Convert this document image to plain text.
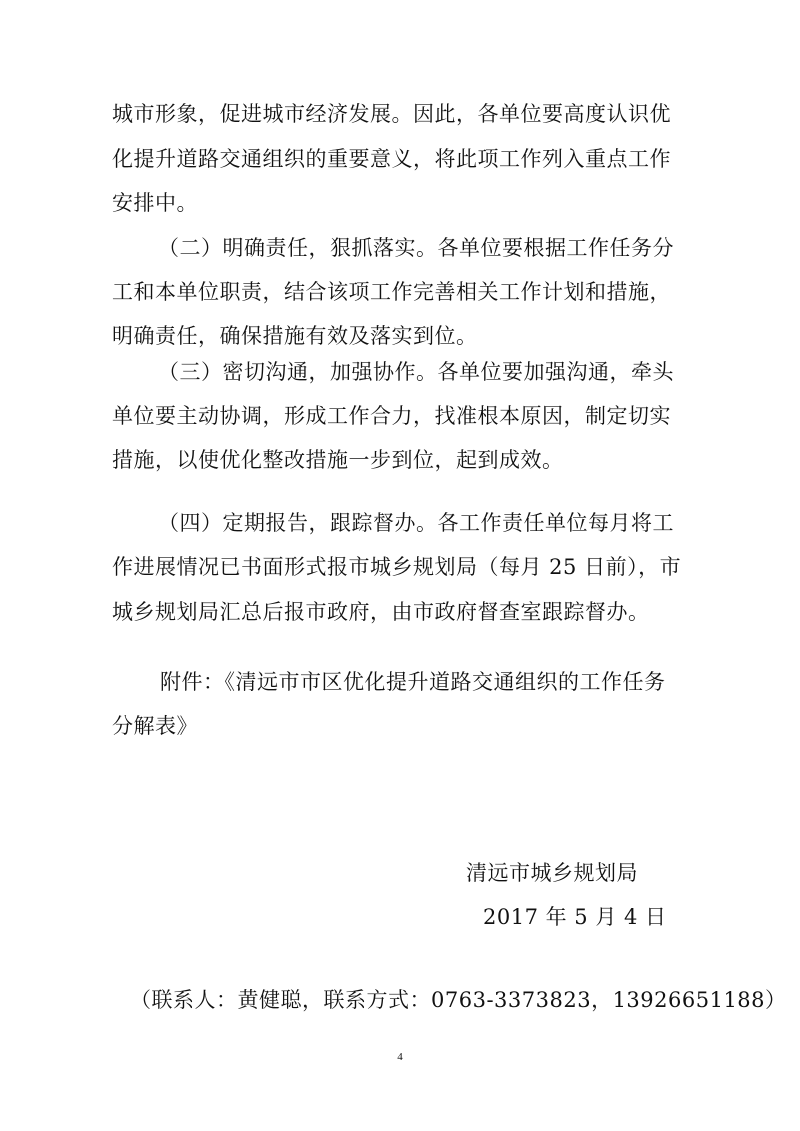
城市形象，促进城市经济发展。因此，各单位要高度认识优
化提升道路交通组织的重要意义，将此项工作列入重点工作
安排中。
（二）明确责任，狠抓落实。各单位要根据工作任务分
工和本单位职责，结合该项工作完善相关工作计划和措施，
明确责任，确保措施有效及落实到位。
（三）密切沟通，加强协作。各单位要加强沟通，牵头
单位要主动协调，形成工作合力，找准根本原因，制定切实
措施，以使优化整改措施一步到位，起到成效。
（四）定期报告，跟踪督办。各工作责任单位每月将工
作进展情况已书面形式报市城乡规划局（每月 25 日前），市
城乡规划局汇总后报市政府，由市政府督查室跟踪督办。
附件：《清远市市区优化提升道路交通组织的工作任务
分解表》
清远市城乡规划局
2017 年 5 月 4 日
（联系人：黄健聪，联系方式：0763-3373823，13926651188）
4
